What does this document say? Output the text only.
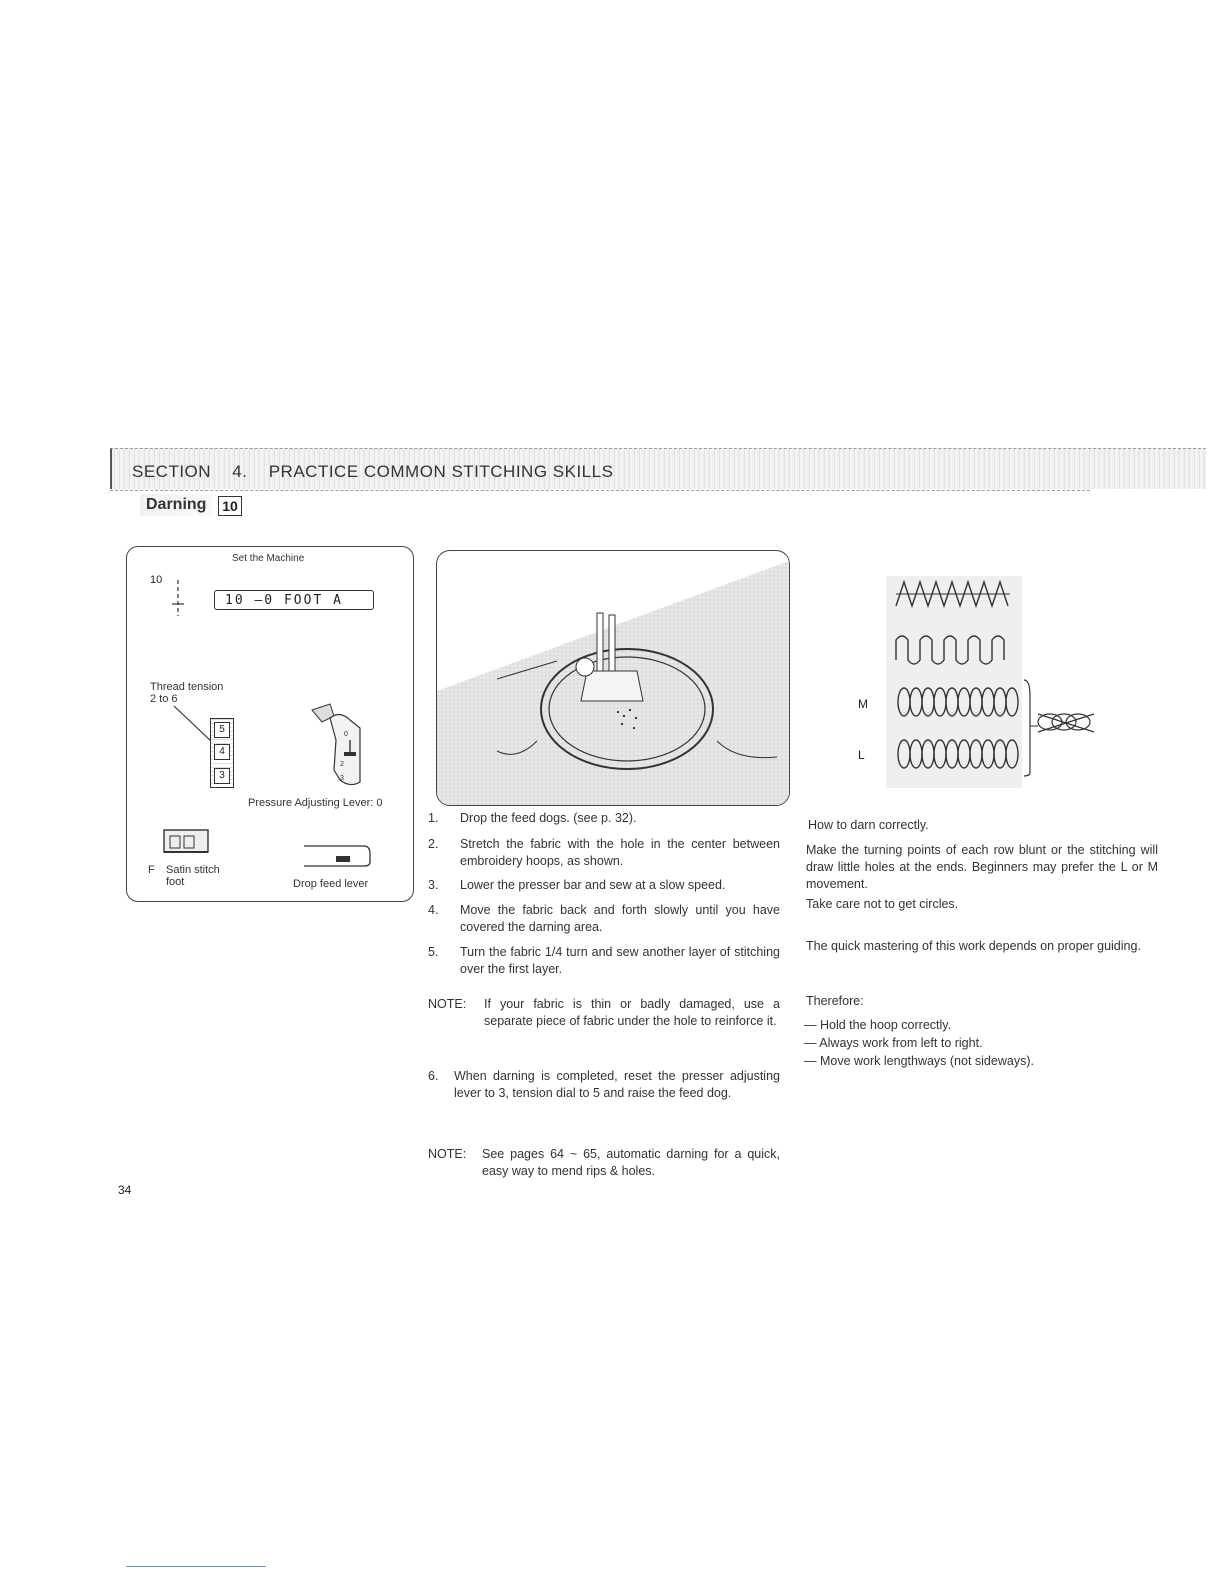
SECTION 4. PRACTICE COMMON STITCHING SKILLS
Darning	10
Set the Machine
10
10 —0 FOOT A
Thread tension
2 to 6
5
4
3
2
0
3
Pressure Adjusting Lever: 0
F Satin stitch
foot	Drop feed lever
1. Drop the feed dogs. (see p. 32).
2. Stretch the fabric with the hole in the center between embroidery hoops, as shown.
3. Lower the presser bar and sew at a slow speed.
4. Move the fabric back and forth slowly until you have covered the darning area.
5. Turn the fabric 1/4 turn and sew another layer of stitching over the first layer.
NOTE: If your fabric is thin or badly damaged, use a separate piece of fabric under the hole to reinforce it.
6. When darning is completed, reset the presser adjusting lever to 3, tension dial to 5 and raise the feed dog.
NOTE: See pages 64 ~ 65, automatic darning for a quick, easy way to mend rips & holes.
M
L
How to darn correctly.
Make the turning points of each row blunt or the stitching will draw little holes at the ends. Beginners may prefer the L or M movement.
Take care not to get circles.
The quick mastering of this work depends on proper guiding.
Therefore:
— Hold the hoop correctly.
— Always work from left to right.
— Move work lengthways (not sideways).
34
